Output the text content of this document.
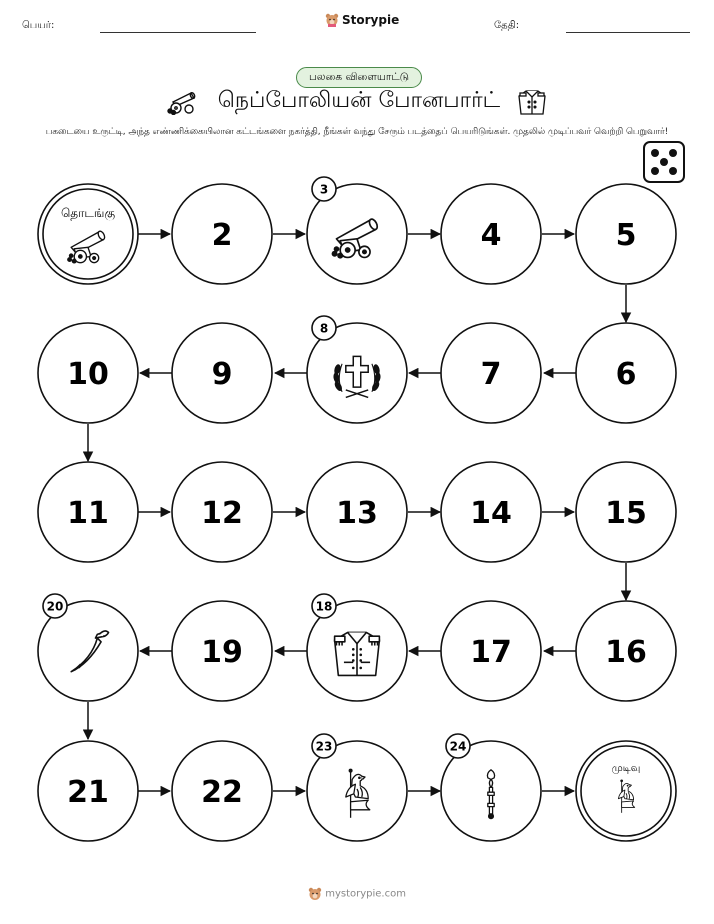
பெயர்:	Storypie	தேதி:
பலகை விளையாட்டு
நெப்போலியன் போனபார்ட்
பகடையை உருட்டி, அந்த எண்ணிக்கையிலான கட்டங்களை நகர்த்தி, நீங்கள் வந்து சேரும் படத்தைப் பெயரிடுங்கள். முதலில் முடிப்பவர் வெற்றி பெறுவார்!
தொடங்கு
2
3
4	5
6
7
8
9
10
11	12	13	14	15
16
17
18
19
20
21	22
23	24
முடிவு
mystorypie.com
